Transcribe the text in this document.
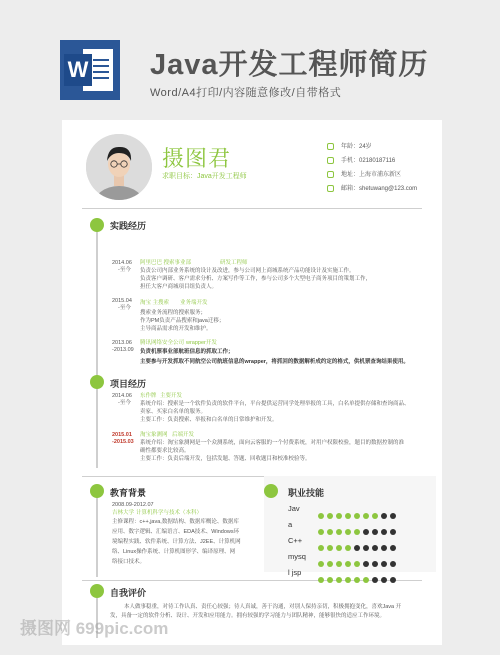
W Java开发工程师简历
Word/A4打印/内容随意修改/自带格式
摄图君
求职目标：Java开发工程师
年龄：24岁
手机：02180187116
地址：上海市浦东新区
邮箱：shetuwang@123.com
实践经历
2014.06
-至今
阿里巴巴 搜索事业部	研发工程师
负责公司内部业务系统的设计及改进，参与公司网上商城系统产品功能设计及实施工作。
负责客户调研、客户需求分析、方案写作等工作，参与公司多个大型电子商务项目的策划工作，
担任大客户商城项目组负责人。
2015.04
-至今
淘宝 主搜索 业务端开发
搜索业务流程的搜索服务；
作为PM负责产品搜索和java迁移；
主导商品需求的开发和维护。
2013.06
-2013.09
腾讯网络安全公司 wrapper开发
负责机票事业部航班信息的抓取工作；
主要参与开发抓取不同航空公司航班信息的wrapper，将抓回的数据解析成约定的格式，供机票查询结果使用。
项目经历
2014.06
-至今
东作牌 主要开发
系统介绍：搜索是一个软件负责的软件平台，平台提供运营同学处理举报的工具，白名单提供存储和查询商品、
卖家、买家白名单的服务。
主要工作：负责搜索、举报和白名单的日常维护和开发。
2015.01
-2015.03
淘宝象测网 后端开发
系统介绍：淘宝象测网是一个众测系统，面向云客服的一个付费系统，对用户权限校验，题目的数据控制的准
确性都要求比较高。
主要工作：负责后端开发，包括发题、答题、回收题目和校准校验等。
教育背景
2008.09-2012.07
吉林大学 计算机科学与技术（本科）
主修课程：c++,java,数据结构、数据库概论、数据库
应用、数字逻辑、汇编语言、EDA技术、Windows环
境编程实践、软件系统、计算方法、J2EE、计算机网
络、Linux操作系统、计算机图形学、编译原理、网
络接口技术。
职业技能
自我评价
本人做事稳重，对待工作认真、责任心较强；待人真诚，善于沟通，对别人保持亲切，积极拥抱变化，喜欢Java 开
发，具备一定的软件分析、设计、开发和应用能力。拥有较强的学习能力与团队精神，能够很快的适应工作环境。
Jav
a
C++
mysq
l jsp
摄图网 699pic.com
